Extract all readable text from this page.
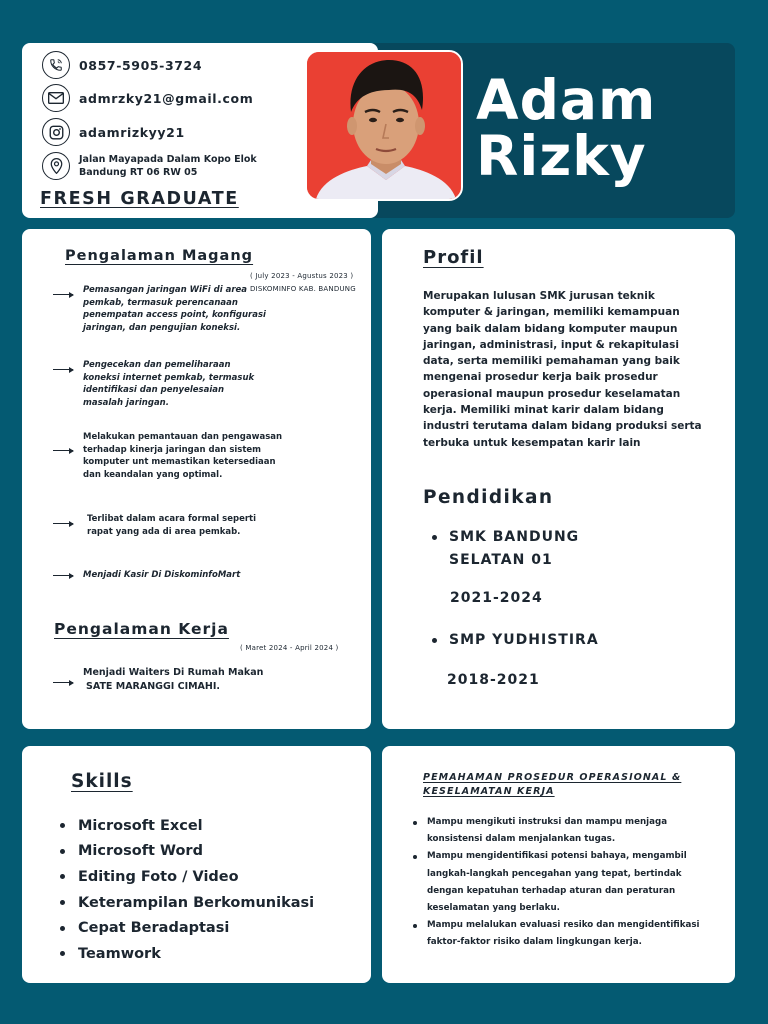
0857-5905-3724
admrzky21@gmail.com
adamrizkyy21
Jalan Mayapada Dalam Kopo Elok
Bandung RT 06 RW 05
FRESH GRADUATE
Adam
Rizky
Pengalaman Magang
( July 2023 - Agustus 2023 )
DISKOMINFO KAB. BANDUNG
Pemasangan jaringan WiFi di area pemkab, termasuk perencanaan penempatan access point, konfigurasi jaringan, dan pengujian koneksi.
Pengecekan dan pemeliharaan koneksi internet pemkab, termasuk identifikasi dan penyelesaian masalah jaringan.
Melakukan pemantauan dan pengawasan terhadap kinerja jaringan dan sistem komputer unt memastikan ketersediaan dan keandalan yang optimal.
Terlibat dalam acara formal seperti rapat yang ada di area pemkab.
Menjadi Kasir Di DiskominfoMart
Pengalaman Kerja
( Maret 2024 - April 2024 )
Menjadi Waiters Di Rumah Makan
SATE MARANGGI CIMAHI.
Profil
Merupakan lulusan SMK jurusan teknik komputer & jaringan, memiliki kemampuan yang baik dalam bidang komputer maupun jaringan, administrasi, input & rekapitulasi data, serta memiliki pemahaman yang baik mengenai prosedur kerja baik prosedur operasional maupun prosedur keselamatan kerja. Memiliki minat karir dalam bidang industri terutama dalam bidang produksi serta terbuka untuk kesempatan karir lain
Pendidikan
SMK BANDUNG
SELATAN 01
2021-2024
SMP YUDHISTIRA
2018-2021
Skills
Microsoft Excel
Microsoft Word
Editing Foto / Video
Keterampilan Berkomunikasi
Cepat Beradaptasi
Teamwork
PEMAHAMAN PROSEDUR OPERASIONAL & KESELAMATAN KERJA
Mampu mengikuti instruksi dan mampu menjaga konsistensi dalam menjalankan tugas.
Mampu mengidentifikasi potensi bahaya, mengambil langkah-langkah pencegahan yang tepat, bertindak dengan kepatuhan terhadap aturan dan peraturan keselamatan yang berlaku.
Mampu melalukan evaluasi resiko dan mengidentifikasi faktor-faktor risiko dalam lingkungan kerja.
